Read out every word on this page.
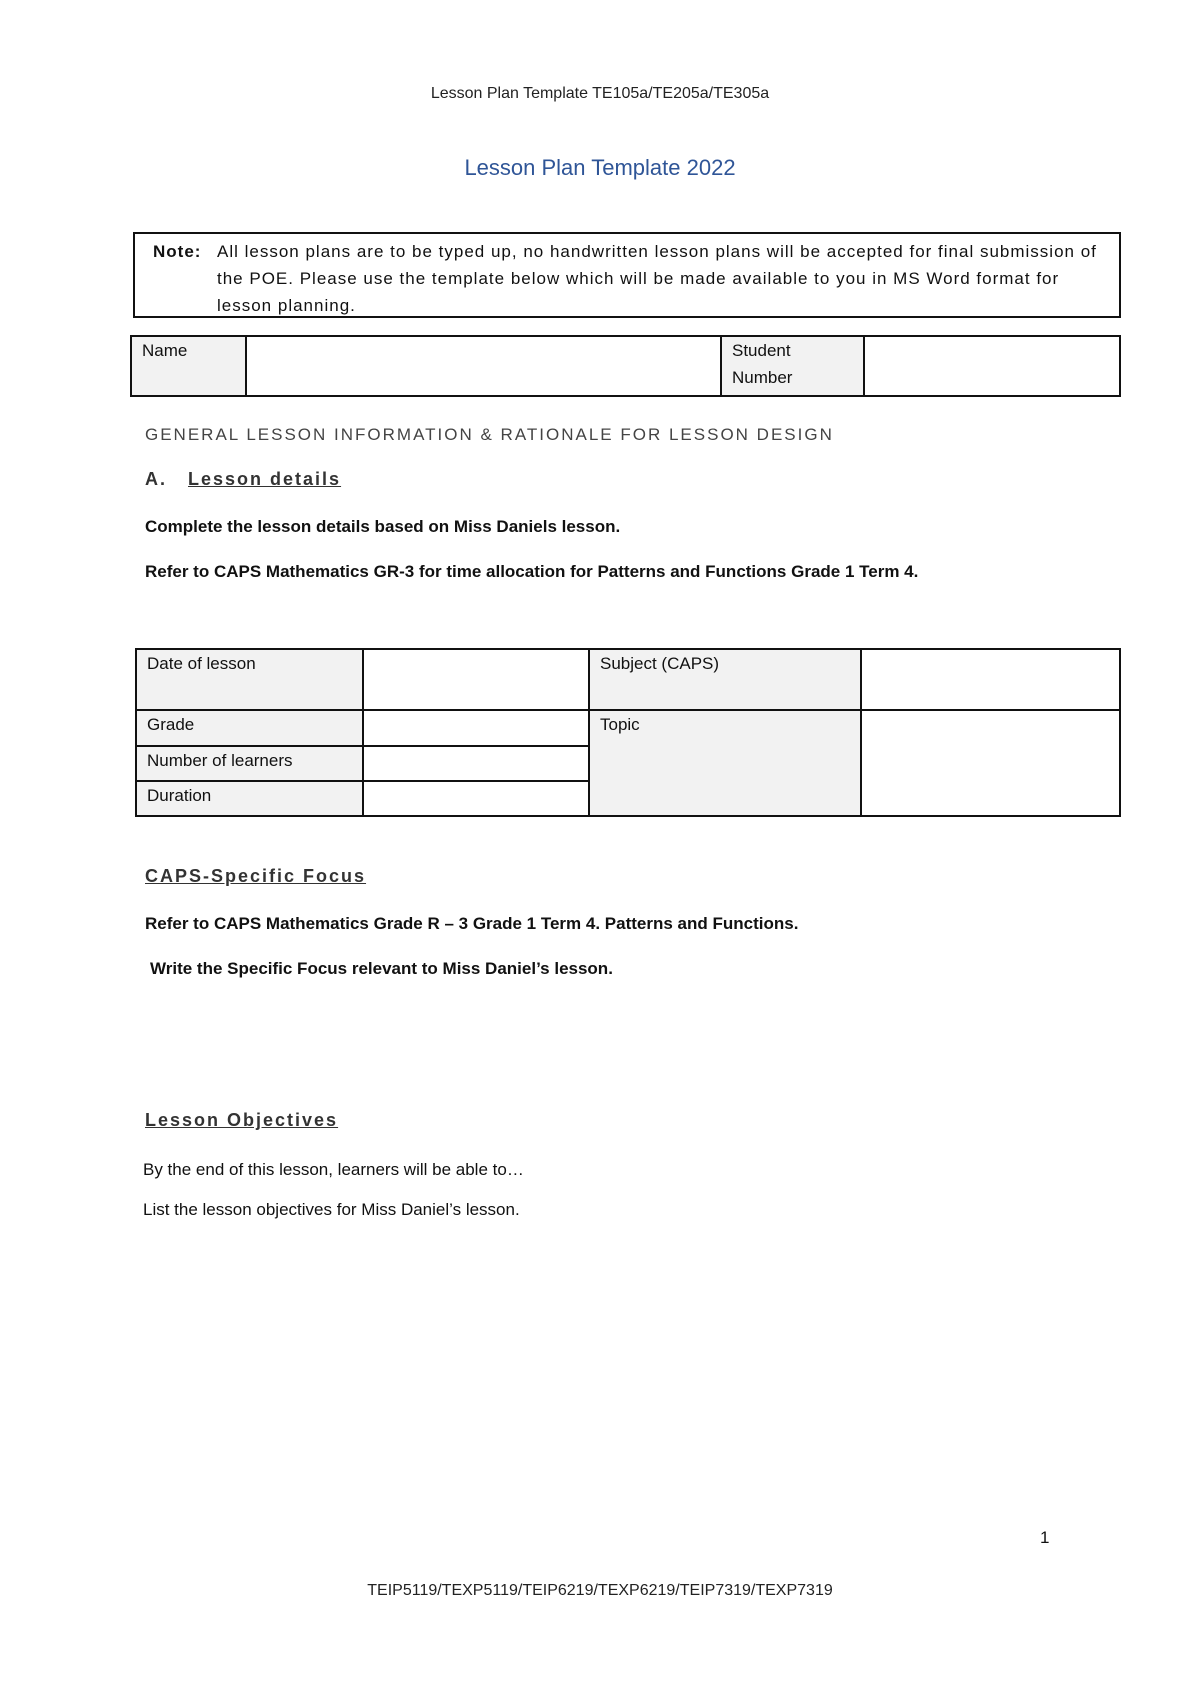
Lesson Plan Template TE105a/TE205a/TE305a
Lesson Plan Template 2022
Note: All lesson plans are to be typed up, no handwritten lesson plans will be accepted for final submission of the POE. Please use the template below which will be made available to you in MS Word format for lesson planning.
Name		Student Number	
GENERAL LESSON INFORMATION & RATIONALE FOR LESSON DESIGN
A. Lesson details
Complete the lesson details based on Miss Daniels lesson.
Refer to CAPS Mathematics GR-3 for time allocation for Patterns and Functions Grade 1 Term 4.
Date of lesson		Subject (CAPS)	
Grade		Topic	
Number of learners			
Duration			
CAPS-Specific Focus
Refer to CAPS Mathematics Grade R – 3 Grade 1 Term 4. Patterns and Functions.
Write the Specific Focus relevant to Miss Daniel’s lesson.
Lesson Objectives
By the end of this lesson, learners will be able to…
List the lesson objectives for Miss Daniel’s lesson.
1
TEIP5119/TEXP5119/TEIP6219/TEXP6219/TEIP7319/TEXP7319
